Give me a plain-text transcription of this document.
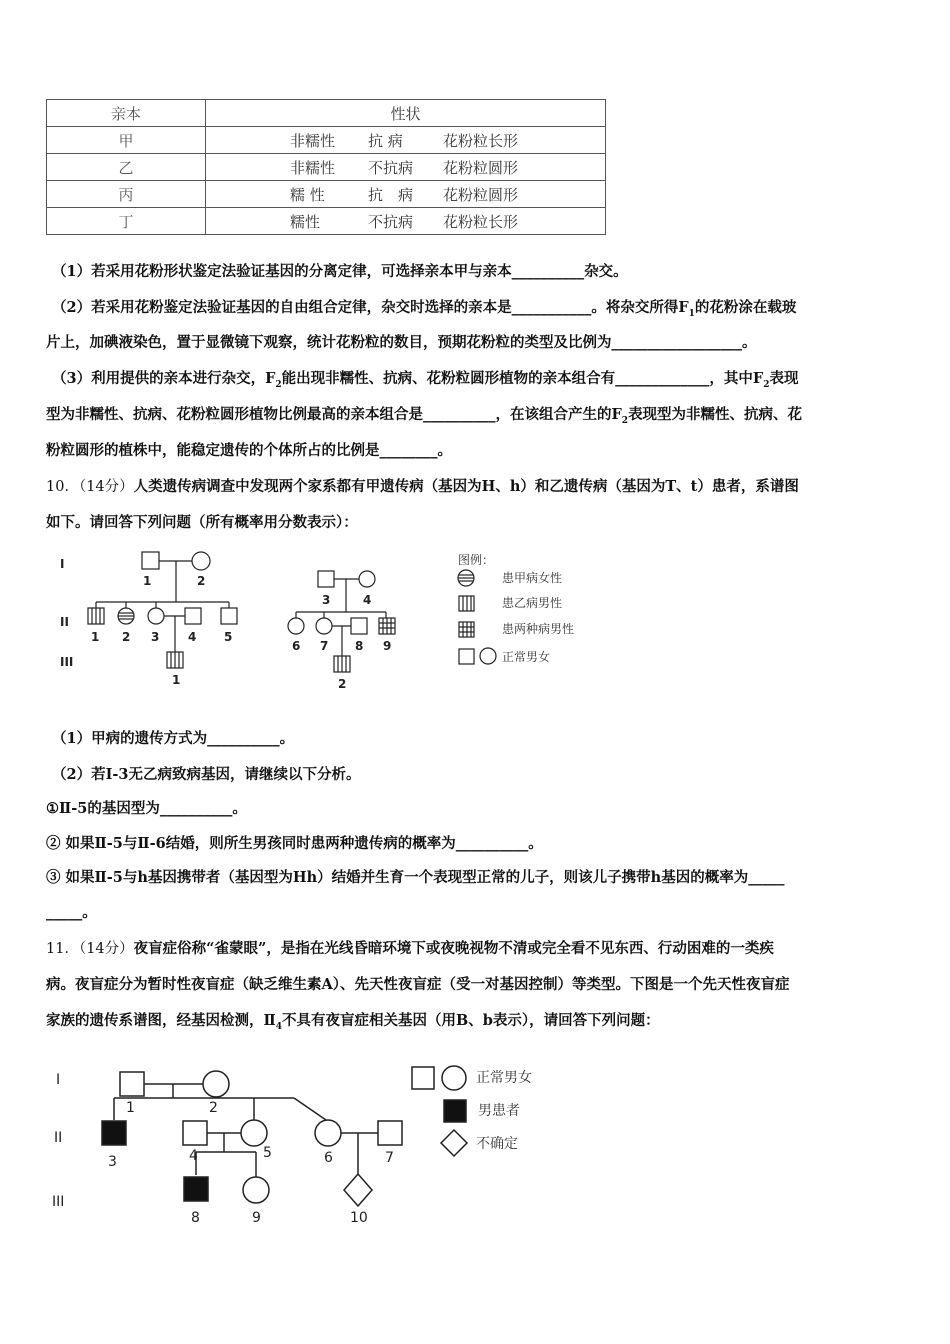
亲本	性状
甲	非糯性 抗 病 花粉粒长形
乙	非糯性 不抗病 花粉粒圆形
丙	糯 性 抗　病 花粉粒圆形
丁	糯性 不抗病 花粉粒长形
（1）若采用花粉形状鉴定法验证基因的分离定律，可选择亲本甲与亲本__________杂交。
（2）若采用花粉鉴定法验证基因的自由组合定律，杂交时选择的亲本是___________。将杂交所得$F_1$的花粉涂在载玻
片上，加碘液染色，置于显微镜下观察，统计花粉粒的数目，预期花粉粒的类型及比例为__________________。
（3）利用提供的亲本进行杂交，$F_2$能出现非糯性、抗病、花粉粒圆形植物的亲本组合有_____________，其中$F_2$表现
型为非糯性、抗病、花粉粒圆形植物比例最高的亲本组合是__________，在该组合产生的$F_2$表现型为非糯性、抗病、花
粉粒圆形的植株中，能稳定遗传的个体所占的比例是________。
10．（14分）人类遗传病调查中发现两个家系都有甲遗传病（基因为H、h）和乙遗传病（基因为T、t）患者，系谱图
如下。请回答下列问题（所有概率用分数表示）：
I
II
III
1	2
1 2 3 4 5
1
3	4
6 7 8 9
2
图例：
患甲病女性
患乙病男性
患两种病男性
正常男女
（1）甲病的遗传方式为__________。
（2）若I-3无乙病致病基因，请继续以下分析。
①Ⅱ-5的基因型为__________。
② 如果Ⅱ-5与Ⅱ-6结婚，则所生男孩同时患两种遗传病的概率为__________。
③ 如果Ⅱ-5与h基因携带者（基因型为Hh）结婚并生育一个表现型正常的儿子，则该儿子携带h基因的概率为_____
_____。
11．（14分）夜盲症俗称“雀蒙眼”，是指在光线昏暗环境下或夜晚视物不清或完全看不见东西、行动困难的一类疾
病。夜盲症分为暂时性夜盲症（缺乏维生素A）、先天性夜盲症（受一对基因控制）等类型。下图是一个先天性夜盲症
家族的遗传系谱图，经基因检测，$Ⅱ_4$不具有夜盲症相关基因（用B、b表示），请回答下列问题：
I
II
III
1	2
3	4	5	6	7
8	9	10
正常男女
男患者
不确定
